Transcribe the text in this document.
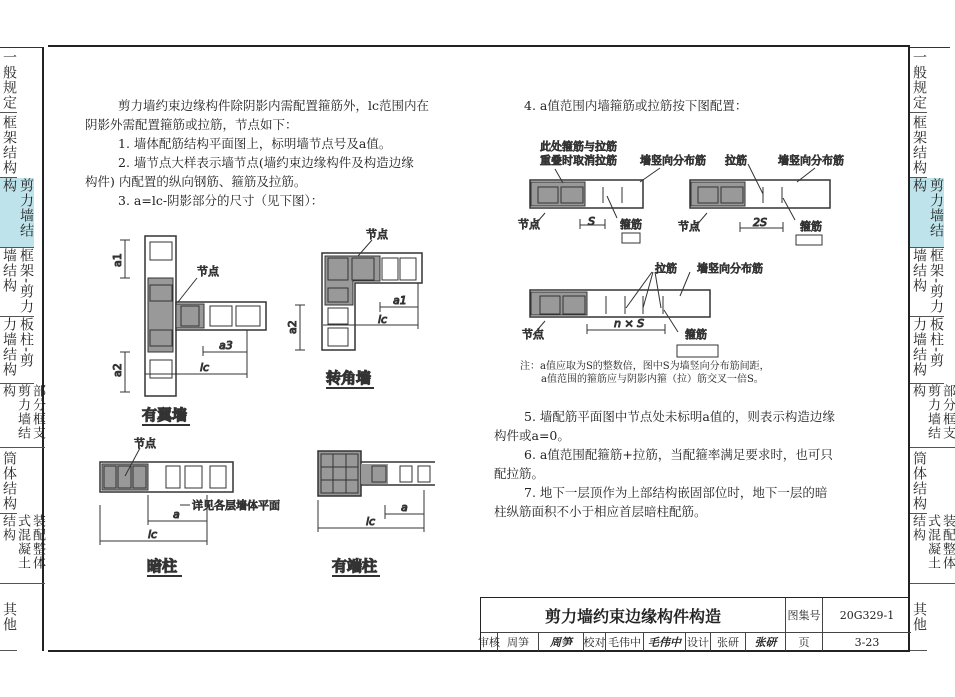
一般规定
框架结构
剪力墙结构
框架-剪力墙结构
板柱-剪力墙结构
部分框支剪力墙结构
筒体结构
装配整体式混凝土结构
其他
一般规定
框架结构
剪力墙结构
框架-剪力墙结构
板柱-剪力墙结构
部分框支剪力墙结构
筒体结构
装配整体式混凝土结构
其他
剪力墙约束边缘构件除阴影内需配置箍筋外，lc范围内在
阴影外需配置箍筋或拉筋，节点如下：
1. 墙体配筋结构平面图上，标明墙节点号及a值。
2. 墙节点大样表示墙节点(墙约束边缘构件及构造边缘
构件) 内配置的纵向钢筋、箍筋及拉筋。
3. a=lc-阴影部分的尺寸（见下图）：
4. a值范围内墙箍筋或拉筋按下图配置：
5. 墙配筋平面图中节点处未标明a值的，则表示构造边缘
构件或a=0。
6. a值范围配箍筋+拉筋，当配箍率满足要求时，也可只
配拉筋。
7. 地下一层顶作为上部结构嵌固部位时，地下一层的暗
柱纵筋面积不小于相应首层暗柱配筋。
注：a值应取为S的整数倍，图中S为墙竖向分布筋间距，
a值范围的箍筋应与阴影内箍（拉）筋交叉一倍S。
节点
a1
a2
a3
lc
有翼墙
节点
a1
lc
a2
转角墙
节点
详见各层墙体平面
a
lc
暗柱
a
lc
有端柱
此处箍筋与拉筋
重叠时取消拉筋 墙竖向分布筋
节点	S 箍筋
拉筋	墙竖向分布筋
节点	2S	箍筋
拉筋 墙竖向分布筋
节点
n × S
箍筋
剪力墙约束边缘构件构造	图集号	20G329-1
审核 周笋	周笋	校对 毛伟中 毛伟中 设计 张研	张研	页	3-23
